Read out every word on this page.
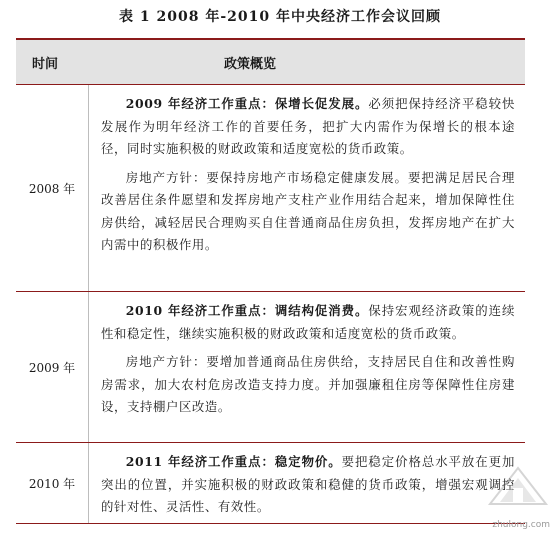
表 1 2008 年-2010 年中央经济工作会议回顾
时间	政策概览
2008 年

2009 年经济工作重点：保增长促发展。必须把保持经济平稳较快发展作为明年经济工作的首要任务，把扩大内需作为保增长的根本途径，同时实施积极的财政政策和适度宽松的货币政策。

房地产方针：要保持房地产市场稳定健康发展。要把满足居民合理改善居住条件愿望和发挥房地产支柱产业作用结合起来，增加保障性住房供给，减轻居民合理购买自住普通商品住房负担，发挥房地产在扩大内需中的积极作用。

2009 年

2010 年经济工作重点：调结构促消费。保持宏观经济政策的连续性和稳定性，继续实施积极的财政政策和适度宽松的货币政策。

房地产方针：要增加普通商品住房供给，支持居民自住和改善性购房需求，加大农村危房改造支持力度。并加强廉租住房等保障性住房建设，支持棚户区改造。

2010 年

2011 年经济工作重点：稳定物价。要把稳定价格总水平放在更加突出的位置，并实施积极的财政政策和稳健的货币政策，增强宏观调控的针对性、灵活性、有效性。

zhulong.com
